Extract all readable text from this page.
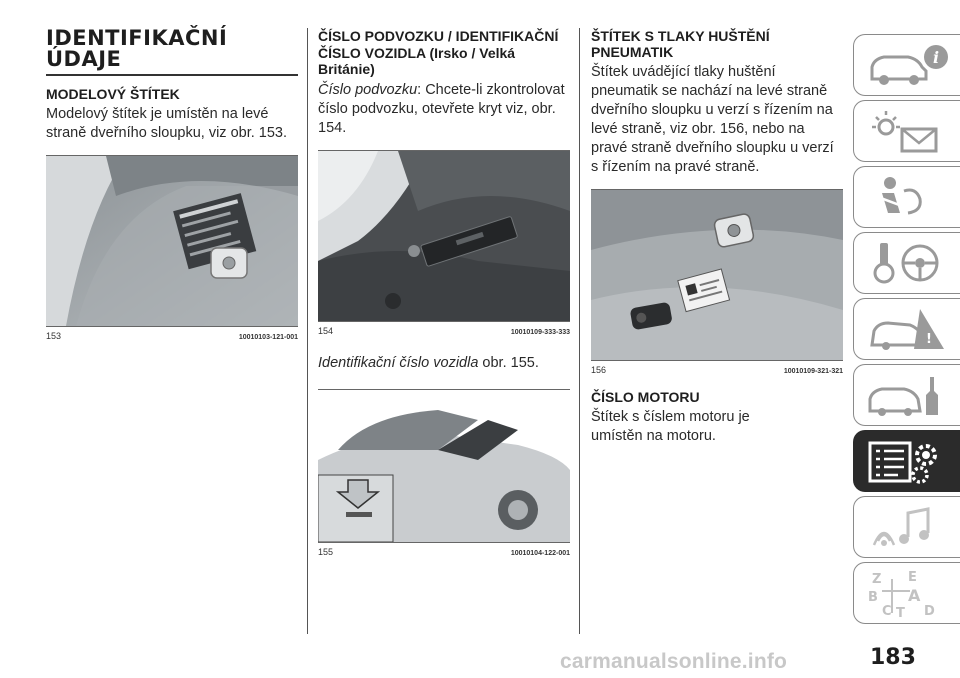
IDENTIFIKAČNÍ
ÚDAJE
MODELOVÝ ŠTÍTEK

Modelový štítek je umístěn na levé straně dveřního sloupku, viz obr. 153.

153	10010103-121-001
ČÍSLO PODVOZKU / IDENTIFIKAČNÍ ČÍSLO VOZIDLA (Irsko / Velká Británie)

Číslo podvozku: Chcete-li zkontrolovat číslo podvozku, otevřete kryt viz, obr. 154.

154	10010109-333-333

Identifikační číslo vozidla obr. 155.

155	10010104-122-001
ŠTÍTEK S TLAKY HUŠTĚNÍ PNEUMATIK

Štítek uvádějící tlaky huštění pneumatik se nachází na levé straně dveřního sloupku u verzí s řízením na levé straně, viz obr. 156, nebo na pravé straně dveřního sloupku u verzí s řízením na pravé straně.

156	10010109-321-321
ČÍSLO MOTORU

Štítek s číslem motoru je umístěn na motoru.

i
!
Z E
B A
C T D
183
carmanualsonline.info
